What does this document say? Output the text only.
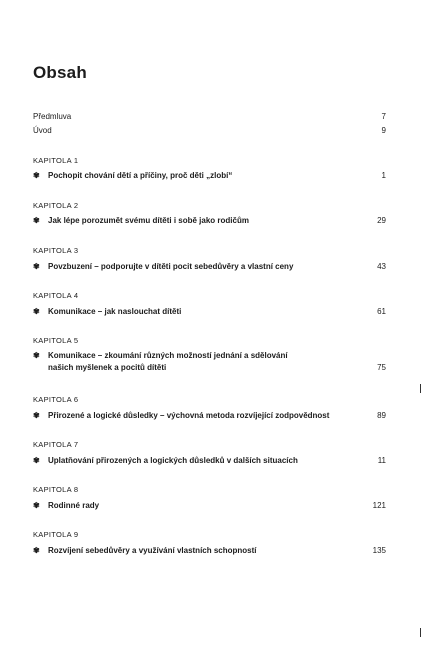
Obsah
Předmluva	7
Úvod	9
KAPITOLA 1
✾	Pochopit chování dětí a příčiny, proč děti „zlobí“	1
KAPITOLA 2
✾	Jak lépe porozumět svému dítěti i sobě jako rodičům	29
KAPITOLA 3
✾	Povzbuzení – podporujte v dítěti pocit sebedůvěry a vlastní ceny	43
KAPITOLA 4
✾	Komunikace – jak naslouchat dítěti	61
KAPITOLA 5
✾	Komunikace – zkoumání různých možností jednání a sdělování
našich myšlenek a pocitů dítěti	75
KAPITOLA 6
✾	Přirozené a logické důsledky – výchovná metoda rozvíjející zodpovědnost	89
KAPITOLA 7
✾	Uplatňování přirozených a logických důsledků v dalších situacích	11
KAPITOLA 8
✾	Rodinné rady	121
KAPITOLA 9
✾	Rozvíjení sebedůvěry a využívání vlastních schopností	135
